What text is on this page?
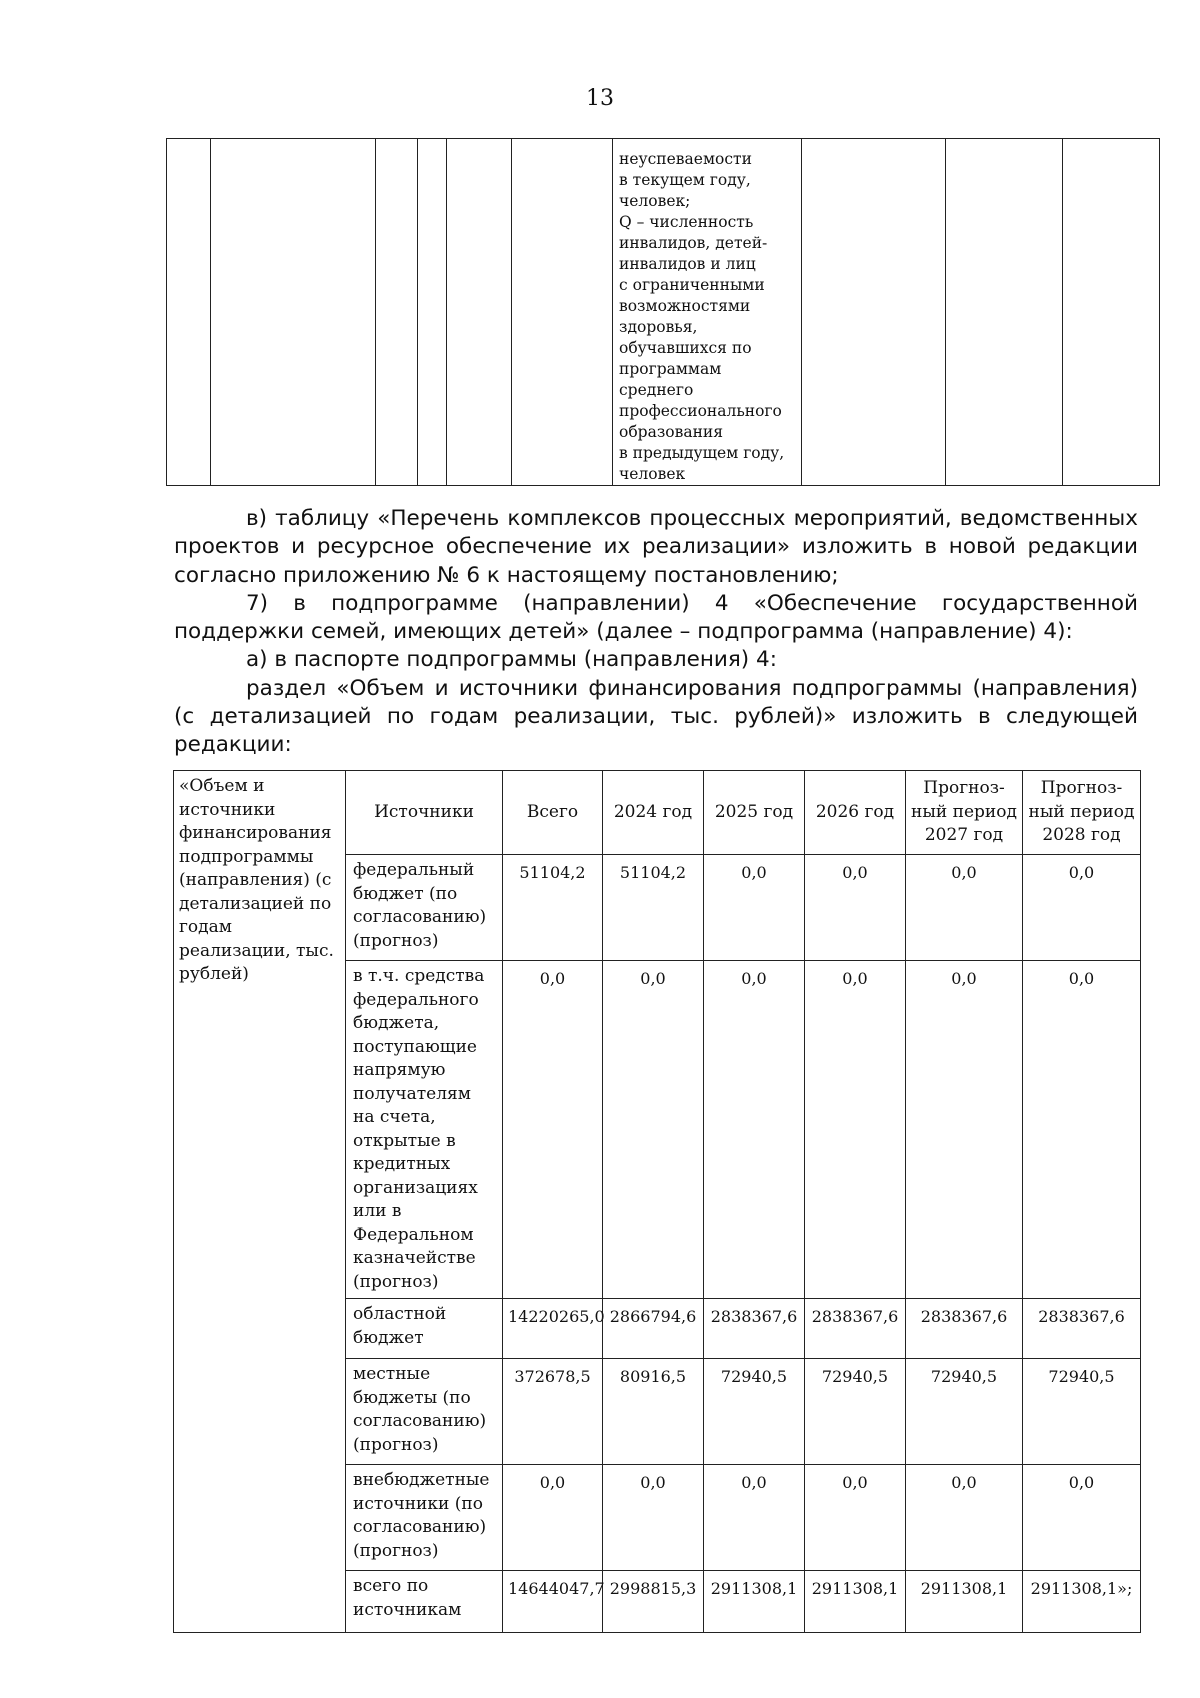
13

неуспеваемости
в текущем году,
человек;
Q – численность
инвалидов, детей-
инвалидов и лиц
с ограниченными
возможностями
здоровья,
обучавшихся по
программам среднего
профессионального
образования
в предыдущем году,
человек

в) таблицу «Перечень комплексов процессных мероприятий, ведомственных проектов и ресурсное обеспечение их реализации» изложить в новой редакции согласно приложению № 6 к настоящему постановлению;

7) в подпрограмме (направлении) 4 «Обеспечение государственной поддержки семей, имеющих детей» (далее – подпрограмма (направление) 4):

а) в паспорте подпрограммы (направления) 4:

раздел «Объем и источники финансирования подпрограммы (направления) (с детализацией по годам реализации, тыс. рублей)» изложить в следующей редакции:

«Объем и источники финансирования подпрограммы (направления) (с детализацией по годам реализации, тыс. рублей)	Источники	Всего	2024 год	2025 год	2026 год	Прогноз-ный период 2027 год	Прогноз-ный период 2028 год
	федеральный бюджет (по согласованию) (прогноз)	51104,2	51104,2	0,0	0,0	0,0	0,0
	в т.ч. средства федерального бюджета, поступающие напрямую получателям на счета, открытые в кредитных организациях или в Федеральном казначействе (прогноз)	0,0	0,0	0,0	0,0	0,0	0,0
	областной бюджет	14220265,0	2866794,6	2838367,6	2838367,6	2838367,6	2838367,6
	местные бюджеты (по согласованию) (прогноз)	372678,5	80916,5	72940,5	72940,5	72940,5	72940,5
	внебюджетные источники (по согласованию) (прогноз)	0,0	0,0	0,0	0,0	0,0	0,0
	всего по источникам	14644047,7	2998815,3	2911308,1	2911308,1	2911308,1	2911308,1»;
